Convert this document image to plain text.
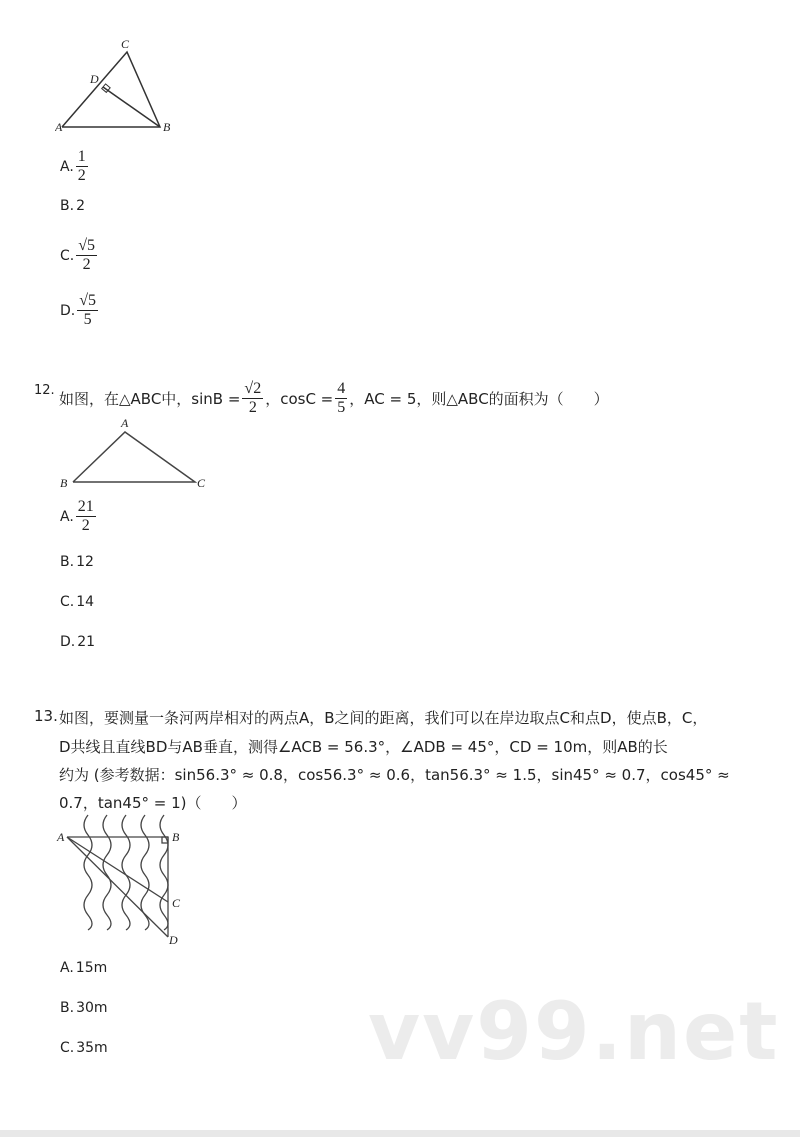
A	B
C
D
A. $\frac{1}{2}$
B. 2
C. $\frac{√5}{2}$
D. $\frac{√5}{5}$
12. 如图，在△ABC中，$\sin B = \frac{√2}{2}$ ，$\cos C = \frac{4}{5}$ ，AC = 5，则△ABC的面积为（　　）
A
B	C
A. $\frac{21}{2}$
B. 12
C. 14
D. 21
13. 如图，要测量一条河两岸相对的两点A，B之间的距离，我们可以在岸边取点C和点D，使点B，C，
D共线且直线BD与AB垂直，测得∠ACB = 56.3°，∠ADB = 45°，CD = 10m，则AB的长
约为 (参考数据：sin56.3° ≈ 0.8，cos56.3° ≈ 0.6，tan56.3° ≈ 1.5，sin45° ≈ 0.7，cos45° ≈
0.7，tan45° = 1)（　　）
A	B
C
D
A. 15m
B. 30m
C. 35m	vv99.net
